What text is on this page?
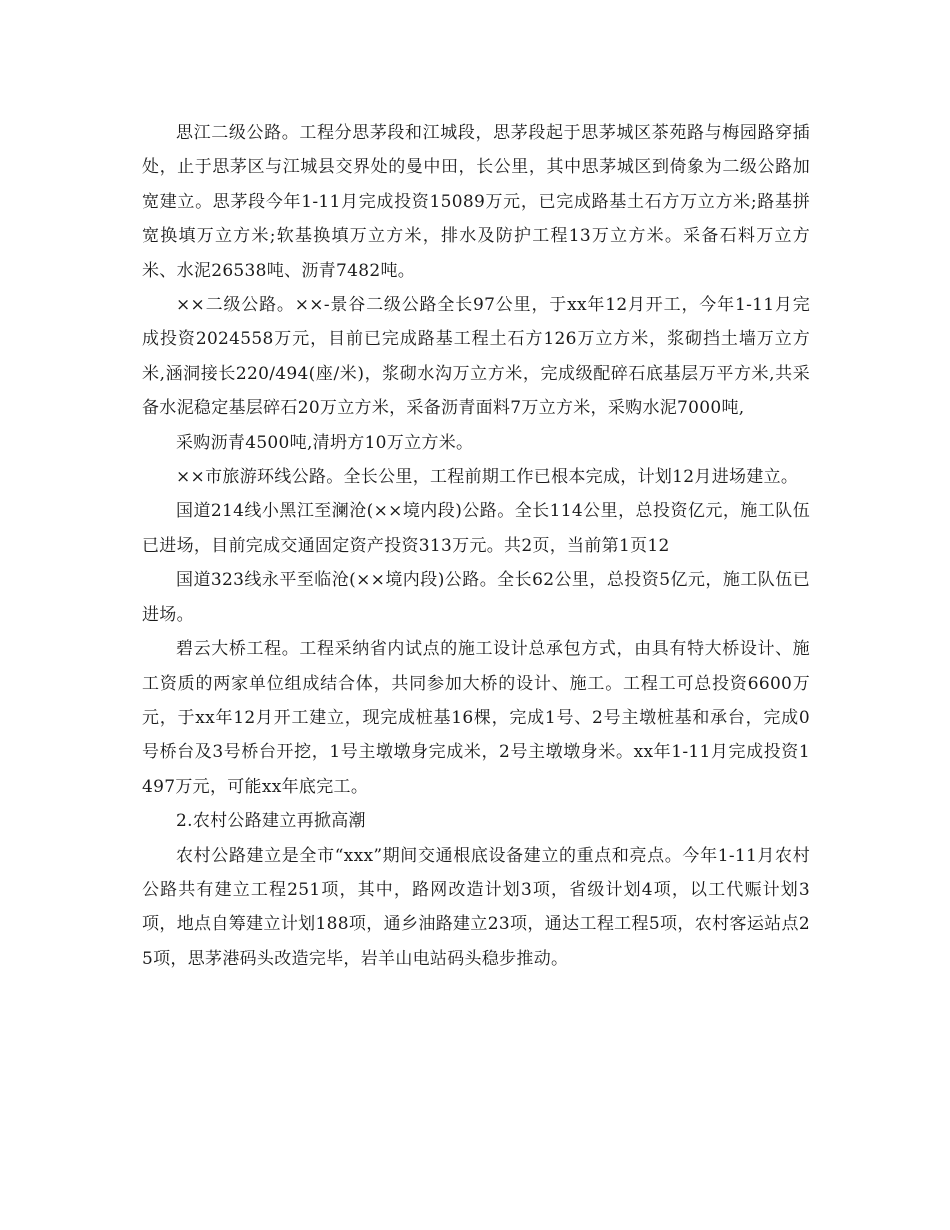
思江二级公路。工程分思茅段和江城段，思茅段起于思茅城区茶苑路与梅园路穿插处，止于思茅区与江城县交界处的曼中田，长公里，其中思茅城区到倚象为二级公路加宽建立。思茅段今年1-11月完成投资15089万元，已完成路基土石方万立方米;路基拼宽换填万立方米;软基换填万立方米，排水及防护工程13万立方米。采备石料万立方米、水泥26538吨、沥青7482吨。

××二级公路。××-景谷二级公路全长97公里，于xx年12月开工，今年1-11月完成投资2024558万元，目前已完成路基工程土石方126万立方米，浆砌挡土墙万立方米,涵洞接长220/494(座/米)，浆砌水沟万立方米，完成级配碎石底基层万平方米,共采备水泥稳定基层碎石20万立方米，采备沥青面料7万立方米，采购水泥7000吨,

采购沥青4500吨,清坍方10万立方米。

××市旅游环线公路。全长公里，工程前期工作已根本完成，计划12月进场建立。

国道214线小黑江至澜沧(××境内段)公路。全长114公里，总投资亿元，施工队伍已进场，目前完成交通固定资产投资313万元。共2页，当前第1页12

国道323线永平至临沧(××境内段)公路。全长62公里，总投资5亿元，施工队伍已进场。

碧云大桥工程。工程采纳省内试点的施工设计总承包方式，由具有特大桥设计、施工资质的两家单位组成结合体，共同参加大桥的设计、施工。工程工可总投资6600万元，于xx年12月开工建立，现完成桩基16棵，完成1号、2号主墩桩基和承台，完成0号桥台及3号桥台开挖，1号主墩墩身完成米，2号主墩墩身米。xx年1-11月完成投资1497万元，可能xx年底完工。

2.农村公路建立再掀高潮

农村公路建立是全市“xxx”期间交通根底设备建立的重点和亮点。今年1-11月农村公路共有建立工程251项，其中，路网改造计划3项，省级计划4项，以工代赈计划3项，地点自筹建立计划188项，通乡油路建立23项，通达工程工程5项，农村客运站点25项，思茅港码头改造完毕，岩羊山电站码头稳步推动。
